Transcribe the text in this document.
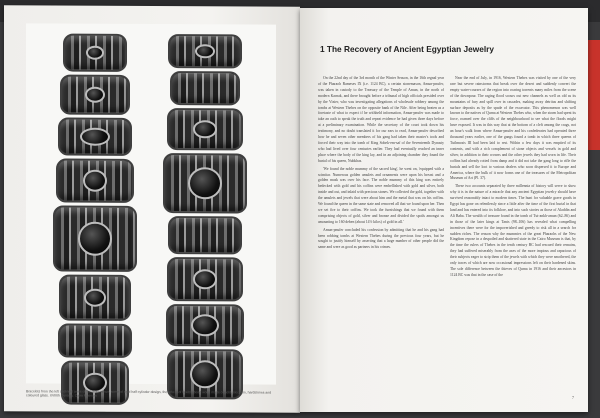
Bracelets from the left and right arms of Tut-ankh-amun, some of rigid half-cylinder design, the others of flexible bead work, made of gold, electrum, hardstones and coloured glass. XVIIIth Dynasty. Cairo Museum
1 The Recovery of Ancient Egyptian Jewelry

On the 22nd day of the 3rd month of the Winter Season, in the 16th regnal year of the Pharaoh Rameses IX (i.e. 1124 BC), a certain stonemason, Amun-pnufer, was taken in custody to the Treasury of the Temple of Amun, in the north of modern Karnak, and there brought before a tribunal of high officials presided over by the Vizier, who was investigating allegations of wholesale robbery among the tombs at Western Thebes on the opposite bank of the Nile. After being beaten as a foretaste of what to expect if he withheld information, Amun-pnufer was made to take an oath to speak the truth and repeat evidence he had given three days before at a preliminary examination. While the secretary of the court took down his testimony, and no doubt translated it for our ears to read, Amun-pnufer described how he and seven other members of his gang had taken their master's tools and forced their way into the tomb of King Sobek-em-saf of the Seventeenth Dynasty who had lived over four centuries earlier. They had eventually reached an inner place where the body of the king lay, and in an adjoining chamber they found the burial of his queen, Nubkhas.

'We found the noble mummy of the sacred king', he went on, 'equipped with a scimitar. Numerous golden amulets and ornaments were upon his breast and a golden mask was over his face. The noble mummy of this king was entirely bedecked with gold and his coffins were embellished with gold and silver, both inside and out, and inlaid with precious stones. We collected the gold, together with the amulets and jewels that were about him and the metal that was on his coffins. We found the queen in the same state and removed all that we found upon her. Then we set fire to their coffins. We took the furnishings that we found with them comprising objects of gold, silver and bronze and divided the spoils amongst us amounting to 160 deben (about 14½ kilos) of gold in all.'

Amun-pnufer concluded his confession by admitting that he and his gang had been robbing tombs at Western Thebes during the previous four years, but he sought to justify himself by asserting that a large number of other people did the same and were as good as partners in his crimes.

Near the end of July, in 1916, Western Thebes was visited by one of the very rare but severe rainstorms that break over the desert and suddenly convert the empty water-courses of the region into roaring torrents many miles from the scene of the downpour. The raging flood scours out new channels as well as old as its mountains of fury and spill over in cascades, making away detritus and shifting surface deposits as by the spade of the excavator. This phenomenon was well known to the natives of Qurna at Western Thebes who, when the storm had spent its force, roamed over the cliffs of the neighbourhood to see what the floods might have exposed. It was in this way that at the bottom of a cleft among the crags, not an hour's walk from where Amun-pnufer and his confederates had operated three thousand years earlier, one of the gangs found a tomb in which three queens of Tuthmosis III had been laid to rest. Within a few days it was emptied of its contents, and with a rich complement of stone objects and vessels in gold and silver, in addition to their crowns and the other jewels they had worn in life. Their coffins had already rotted from damp and it did not take the gang long to rifle the burials and sell the loot to various dealers who soon dispersed it to Europe and America, where the bulk of it now forms one of the treasures of the Metropolitan Museum of Art (Pl. 37).

These two accounts separated by three millennia of history will serve to show why it is in the nature of a miracle that any ancient Egyptian jewelry should have survived reasonably intact to modern times. The hunt for valuable grave goods in Egypt has gone on relentlessly since a little after the time of the first burial in that land and has entered into its folklore, and into such stories as those of Aladdin and Ali Baba. The wealth of treasure found in the tomb of Tut-ankh-amun (62–86) and in those of the later kings at Tanis (98–106) has revealed what compelling incentives there were for the impoverished and greedy to risk all in a search for sudden riches. The reason why the mummies of the great Pharaohs of the New Kingdom repose in a despoiled and shattered state in the Cairo Museum is that, by the time the rulers of Thebes in the tenth century BC had rescued their remains, they had suffered miserably from the axes of the more impious and rapacious of their subjects eager to strip them of the jewels with which they were smothered, the only traces of which are now occasional impressions left on their hardened skins. The sole difference between the thieves of Qurna in 1916 and their ancestors in 1124 BC was that in the case of the

7
